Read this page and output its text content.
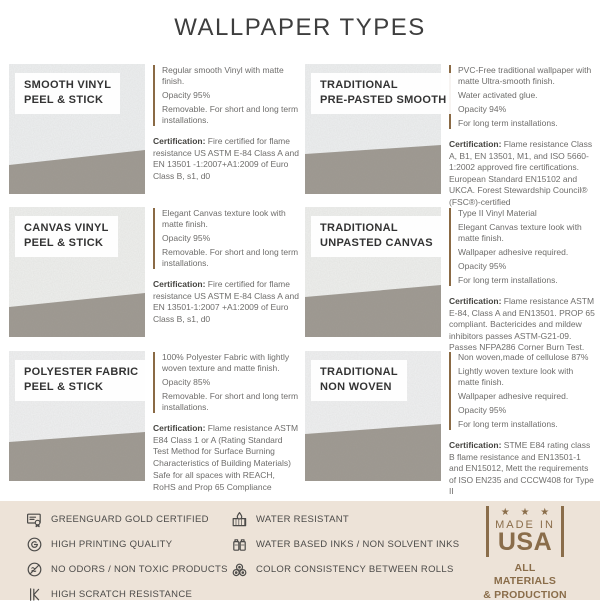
WALLPAPER TYPES
SMOOTH VINYL
PEEL & STICK

Regular smooth Vinyl with matte finish.

Opacity 95%

Removable. For short and long term installations.

Certification: Fire certified for flame resistance US ASTM E-84 Class A and EN 13501 -1:2007+A1:2009 of Euro Class B, s1, d0
TRADITIONAL
PRE-PASTED SMOOTH

PVC-Free traditional wallpaper with matte Ultra-smooth finish.

Water activated glue.

Opacity 94%

For long term installations.

Certification: Flame resistance Class A, B1, EN 13501, M1, and ISO 5660-1:2002 approved fire certifications. European Standard EN15102 and UKCA. Forest Stewardship Council® (FSC®)-certified
CANVAS VINYL
PEEL & STICK

Elegant Canvas texture look with matte finish.

Opacity 95%

Removable. For short and long term installations.

Certification: Fire certified for flame resistance US ASTM E-84 Class A and EN 13501-1:2007 +A1:2009 of Euro Class B, s1, d0
TRADITIONAL
UNPASTED CANVAS

Type II Vinyl Material

Elegant Canvas texture look with matte finish.

Wallpaper adhesive required.

Opacity 95%

For long term installations.

Certification: Flame resistance ASTM E-84, Class A and EN13501. PROP 65 compliant. Bactericides and mildew inhibitors passes ASTM-G21-09. Passes NFPA286 Corner Burn Test.
POLYESTER FABRIC
PEEL & STICK

100% Polyester Fabric with lightly woven texture and matte finish.

Opacity 85%

Removable. For short and long term installations.

Certification: Flame resistance ASTM E84 Class 1 or A (Rating Standard Test Method for Surface Burning Characteristics of Building Materials)
Safe for all spaces with REACH, RoHS and Prop 65 Compliance
TRADITIONAL
NON WOVEN

Non woven,made of cellulose 87%

Lightly woven texture look with matte finish.

Wallpaper adhesive required.

Opacity 95%

For long term installations.

Certification: STME E84 rating class B flame resistance and EN13501-1 and EN15012, Mett the requirements of ISO EN235 and CCCW408 for Type II
GREENGUARD GOLD CERTIFIED
HIGH PRINTING QUALITY
NO ODORS / NON TOXIC PRODUCTS
HIGH SCRATCH RESISTANCE
WATER RESISTANT
WATER BASED INKS / NON SOLVENT INKS
COLOR CONSISTENCY BETWEEN ROLLS
★ ★ ★
MADE IN
USA
ALL MATERIALS
& PRODUCTION
